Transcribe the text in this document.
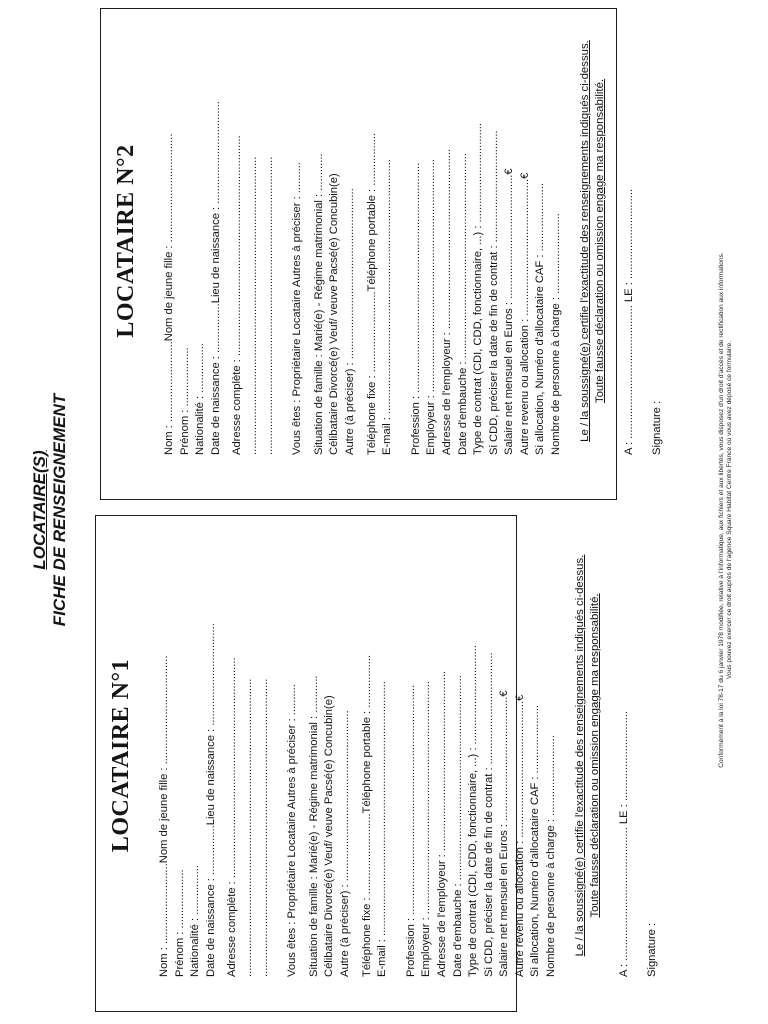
LOCATAIRE(S) FICHE DE RENSEIGNEMENT	Conformément à la loi 78-17 du 6 janvier 1978 modifiée, relative à l'informatique, aux fichiers et aux libertés, vous disposez d'un droit d'accès et de rectification aux informations. Vous pouvez exercer ce droit auprès de l'agence Square Habitat Centre France où vous avez déposé ce formulaire.
LOCATAIRE N°1 Nom : ..........................Nom de jeune fille : ................................... Prénom : ................... Nationalité : ................ Date de naissance : ................Lieu de naissance : ................................. Adresse complète : ....................................................................... ................................................................................................ ................................................................................................ Vous êtes : Propriétaire Locataire Autres à préciser : .......... Situation de famille : Marié(e) - Régime matrimonial : ............ Célibataire Divorcé(e) Veuf/ veuve Pacsé(e) Concubin(e) Autre (à préciser) : ....................................................... Téléphone fixe : ..........................Téléphone portable : ................. E-mail : .................................................................................. Profession : .......................................................................... Employeur : ........................................................................... Adresse de l'employeur : .......................................................... Date d'embauche : .................................................................. Type de contrat (CDI, CDD, fonctionnaire, ...) : ................................ Si CDD, préciser la date de fin de contrat : .................................... Salaire net mensuel en Euros : ........................................€ Autre revenu ou allocation : ............................................€ Si allocation, Numéro d'allocataire CAF : ...................... Nombre de personne à charge : .......................... Le / la soussigné(e) certifie l'exactitude des renseignements indiqués ci-dessus. Toute fausse déclaration ou omission engage ma responsabilité. A : ........................................... LE : ............................. Signature :
LOCATAIRE N°2 Nom : ..........................Nom de jeune fille : ................................... Prénom : ................... Nationalité : ................ Date de naissance : ................Lieu de naissance : ................................. Adresse complète : ....................................................................... ................................................................................................ ................................................................................................ Vous êtes : Propriétaire Locataire Autres à préciser : .......... Situation de famille : Marié(e) - Régime matrimonial : ............ Célibataire Divorcé(e) Veuf/ veuve Pacsé(e) Concubin(e) Autre (à préciser) : ....................................................... Téléphone fixe : ..........................Téléphone portable : ................. E-mail : .................................................................................. Profession : .......................................................................... Employeur : ........................................................................... Adresse de l'employeur : .......................................................... Date d'embauche : .................................................................. Type de contrat (CDI, CDD, fonctionnaire, ...) : ................................ Si CDD, préciser la date de fin de contrat : .................................... Salaire net mensuel en Euros : ........................................€ Autre revenu ou allocation : ............................................€ Si allocation, Numéro d'allocataire CAF : ...................... Nombre de personne à charge : .......................... Le / la soussigné(e) certifie l'exactitude des renseignements indiqués ci-dessus. Toute fausse déclaration ou omission engage ma responsabilité. A : ........................................... LE : ............................. Signature :
